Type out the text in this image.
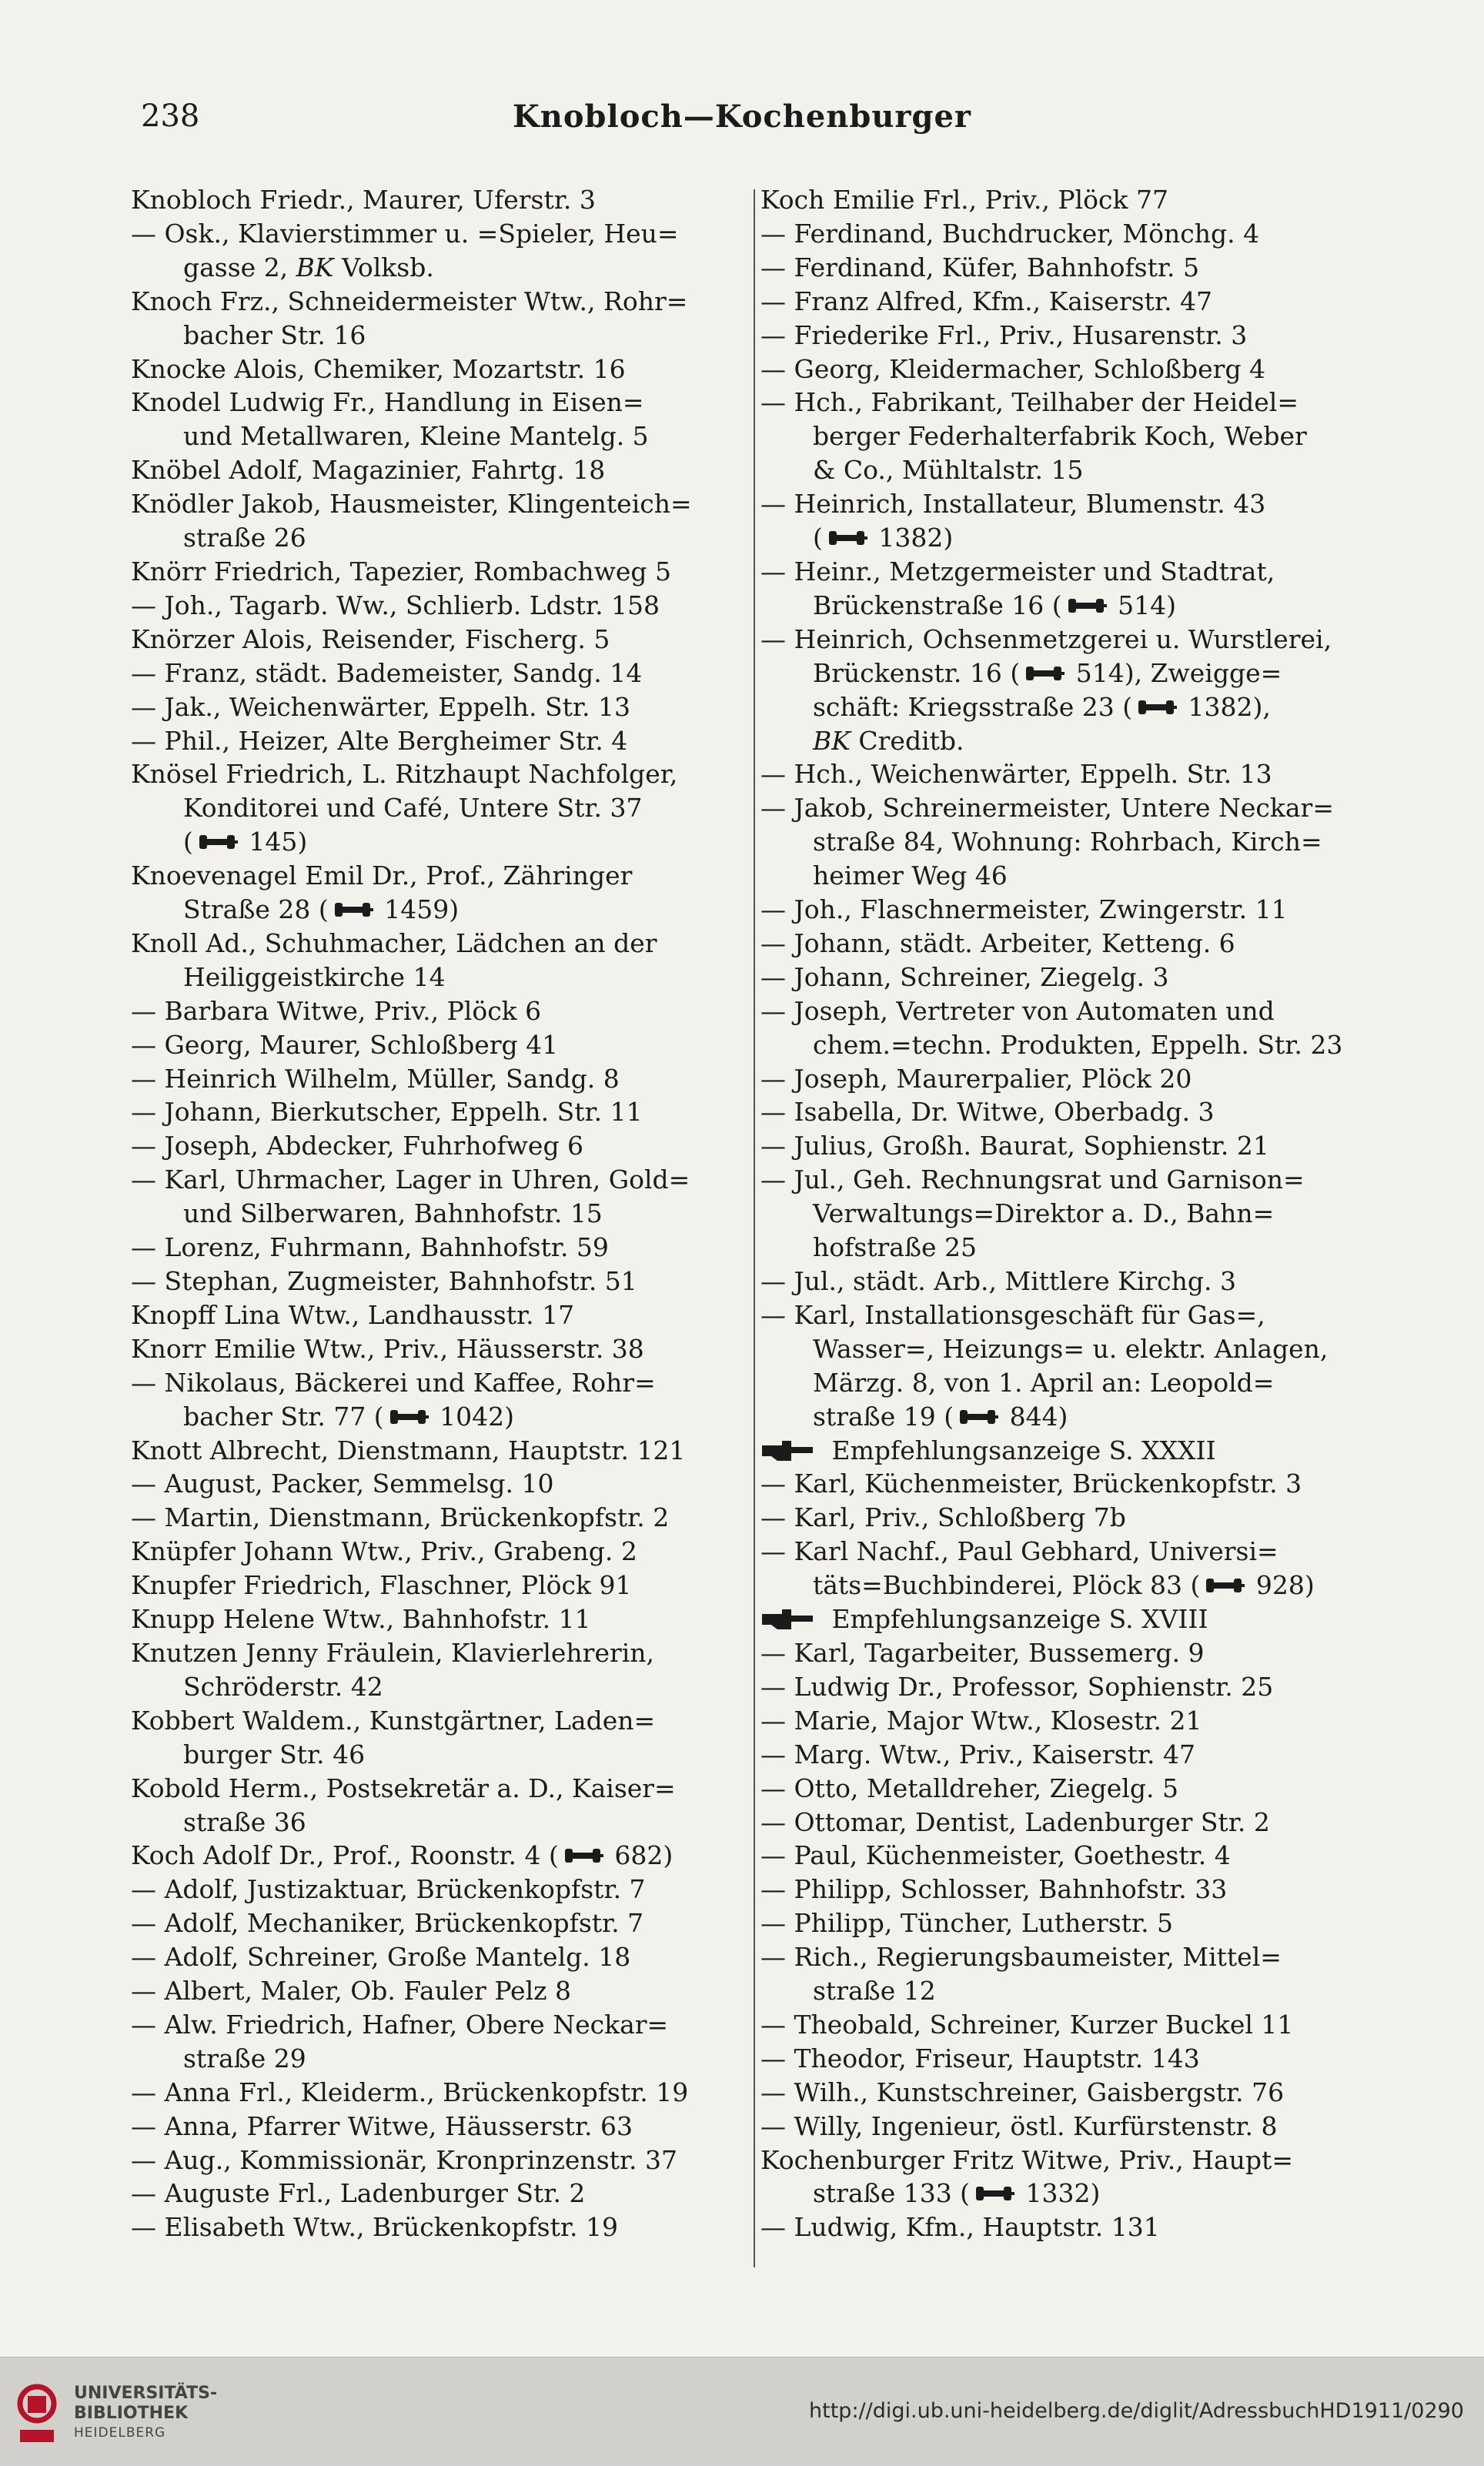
238	Knobloch—Kochenburger
Knobloch Friedr., Maurer, Uferstr. 3
— Osk., Klavierstimmer u. =Spieler, Heu=
gasse 2, BK Volksb.
Knoch Frz., Schneidermeister Wtw., Rohr=
bacher Str. 16
Knocke Alois, Chemiker, Mozartstr. 16
Knodel Ludwig Fr., Handlung in Eisen=
und Metallwaren, Kleine Mantelg. 5
Knöbel Adolf, Magazinier, Fahrtg. 18
Knödler Jakob, Hausmeister, Klingenteich=
straße 26
Knörr Friedrich, Tapezier, Rombachweg 5
— Joh., Tagarb. Ww., Schlierb. Ldstr. 158
Knörzer Alois, Reisender, Fischerg. 5
— Franz, städt. Bademeister, Sandg. 14
— Jak., Weichenwärter, Eppelh. Str. 13
— Phil., Heizer, Alte Bergheimer Str. 4
Knösel Friedrich, L. Ritzhaupt Nachfolger,
Konditorei und Café, Untere Str. 37
( 145)
Knoevenagel Emil Dr., Prof., Zähringer
Straße 28 ( 1459)
Knoll Ad., Schuhmacher, Lädchen an der
Heiliggeistkirche 14
— Barbara Witwe, Priv., Plöck 6
— Georg, Maurer, Schloßberg 41
— Heinrich Wilhelm, Müller, Sandg. 8
— Johann, Bierkutscher, Eppelh. Str. 11
— Joseph, Abdecker, Fuhrhofweg 6
— Karl, Uhrmacher, Lager in Uhren, Gold=
und Silberwaren, Bahnhofstr. 15
— Lorenz, Fuhrmann, Bahnhofstr. 59
— Stephan, Zugmeister, Bahnhofstr. 51
Knopff Lina Wtw., Landhausstr. 17
Knorr Emilie Wtw., Priv., Häusserstr. 38
— Nikolaus, Bäckerei und Kaffee, Rohr=
bacher Str. 77 ( 1042)
Knott Albrecht, Dienstmann, Hauptstr. 121
— August, Packer, Semmelsg. 10
— Martin, Dienstmann, Brückenkopfstr. 2
Knüpfer Johann Wtw., Priv., Grabeng. 2
Knupfer Friedrich, Flaschner, Plöck 91
Knupp Helene Wtw., Bahnhofstr. 11
Knutzen Jenny Fräulein, Klavierlehrerin,
Schröderstr. 42
Kobbert Waldem., Kunstgärtner, Laden=
burger Str. 46
Kobold Herm., Postsekretär a. D., Kaiser=
straße 36
Koch Adolf Dr., Prof., Roonstr. 4 ( 682)
— Adolf, Justizaktuar, Brückenkopfstr. 7
— Adolf, Mechaniker, Brückenkopfstr. 7
— Adolf, Schreiner, Große Mantelg. 18
— Albert, Maler, Ob. Fauler Pelz 8
— Alw. Friedrich, Hafner, Obere Neckar=
straße 29
— Anna Frl., Kleiderm., Brückenkopfstr. 19
— Anna, Pfarrer Witwe, Häusserstr. 63
— Aug., Kommissionär, Kronprinzenstr. 37
— Auguste Frl., Ladenburger Str. 2
— Elisabeth Wtw., Brückenkopfstr. 19
Koch Emilie Frl., Priv., Plöck 77
— Ferdinand, Buchdrucker, Mönchg. 4
— Ferdinand, Küfer, Bahnhofstr. 5
— Franz Alfred, Kfm., Kaiserstr. 47
— Friederike Frl., Priv., Husarenstr. 3
— Georg, Kleidermacher, Schloßberg 4
— Hch., Fabrikant, Teilhaber der Heidel=
berger Federhalterfabrik Koch, Weber
& Co., Mühltalstr. 15
— Heinrich, Installateur, Blumenstr. 43
( 1382)
— Heinr., Metzgermeister und Stadtrat,
Brückenstraße 16 ( 514)
— Heinrich, Ochsenmetzgerei u. Wurstlerei,
Brückenstr. 16 ( 514), Zweigge=
schäft: Kriegsstraße 23 ( 1382),
BK Creditb.
— Hch., Weichenwärter, Eppelh. Str. 13
— Jakob, Schreinermeister, Untere Neckar=
straße 84, Wohnung: Rohrbach, Kirch=
heimer Weg 46
— Joh., Flaschnermeister, Zwingerstr. 11
— Johann, städt. Arbeiter, Ketteng. 6
— Johann, Schreiner, Ziegelg. 3
— Joseph, Vertreter von Automaten und
chem.=techn. Produkten, Eppelh. Str. 23
— Joseph, Maurerpalier, Plöck 20
— Isabella, Dr. Witwe, Oberbadg. 3
— Julius, Großh. Baurat, Sophienstr. 21
— Jul., Geh. Rechnungsrat und Garnison=
Verwaltungs=Direktor a. D., Bahn=
hofstraße 25
— Jul., städt. Arb., Mittlere Kirchg. 3
— Karl, Installationsgeschäft für Gas=,
Wasser=, Heizungs= u. elektr. Anlagen,
Märzg. 8, von 1. April an: Leopold=
straße 19 ( 844)
Empfehlungsanzeige S. XXXII
— Karl, Küchenmeister, Brückenkopfstr. 3
— Karl, Priv., Schloßberg 7b
— Karl Nachf., Paul Gebhard, Universi=
täts=Buchbinderei, Plöck 83 ( 928)
Empfehlungsanzeige S. XVIII
— Karl, Tagarbeiter, Bussemerg. 9
— Ludwig Dr., Professor, Sophienstr. 25
— Marie, Major Wtw., Klosestr. 21
— Marg. Wtw., Priv., Kaiserstr. 47
— Otto, Metalldreher, Ziegelg. 5
— Ottomar, Dentist, Ladenburger Str. 2
— Paul, Küchenmeister, Goethestr. 4
— Philipp, Schlosser, Bahnhofstr. 33
— Philipp, Tüncher, Lutherstr. 5
— Rich., Regierungsbaumeister, Mittel=
straße 12
— Theobald, Schreiner, Kurzer Buckel 11
— Theodor, Friseur, Hauptstr. 143
— Wilh., Kunstschreiner, Gaisbergstr. 76
— Willy, Ingenieur, östl. Kurfürstenstr. 8
Kochenburger Fritz Witwe, Priv., Haupt=
straße 133 ( 1332)
— Ludwig, Kfm., Hauptstr. 131
UNIVERSITÄTS-
BIBLIOTHEK
HEIDELBERG
http://digi.ub.uni-heidelberg.de/diglit/AdressbuchHD1911/0290
